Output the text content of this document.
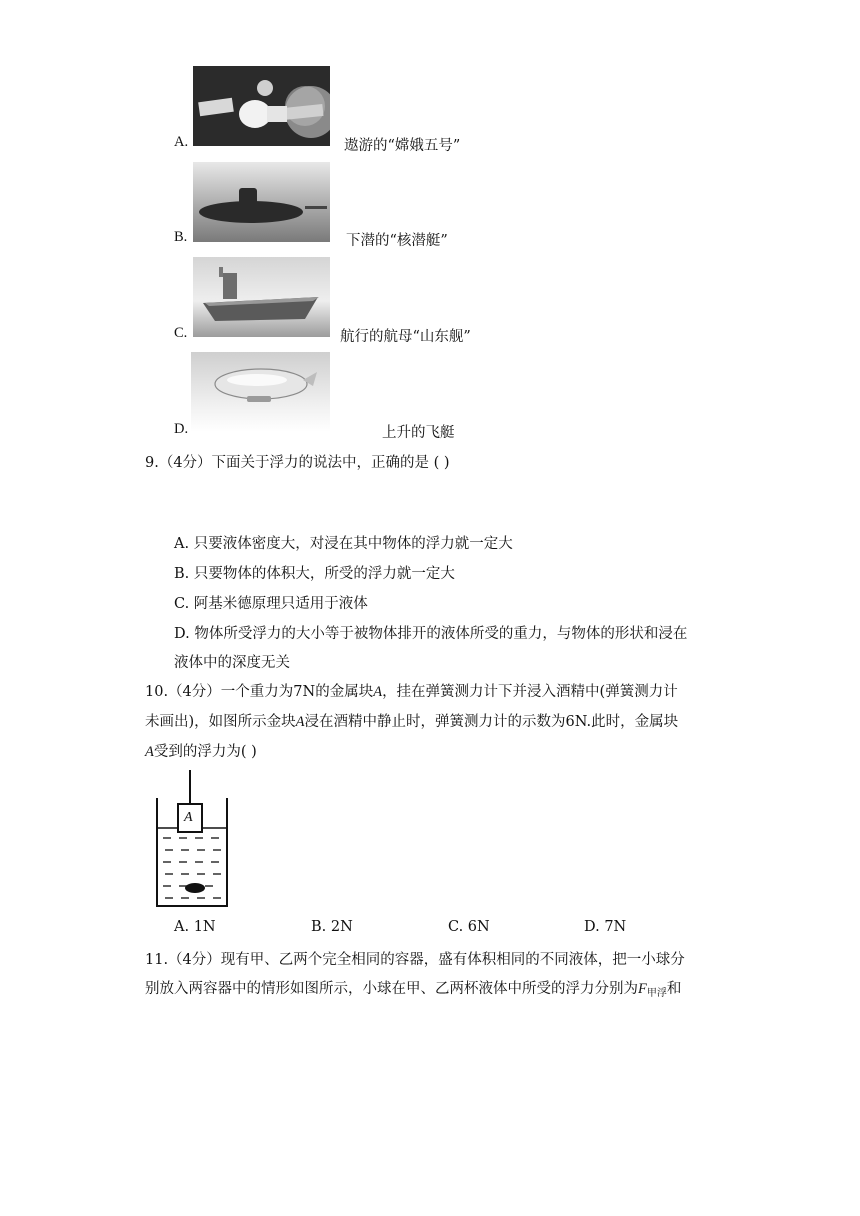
A.	遨游的“嫦娥五号”
B.	下潜的“核潜艇”
C.	航行的航母“山东舰”
D.	上升的飞艇
9.（4分）下面关于浮力的说法中，正确的是 ( )
A. 只要液体密度大，对浸在其中物体的浮力就一定大
B. 只要物体的体积大，所受的浮力就一定大
C. 阿基米德原理只适用于液体
D. 物体所受浮力的大小等于被物体排开的液体所受的重力，与物体的形状和浸在
液体中的深度无关
10.（4分）一个重力为7N的金属块A，挂在弹簧测力计下并浸入酒精中(弹簧测力计
未画出)，如图所示金块A浸在酒精中静止时，弹簧测力计的示数为6N.此时，金属块
A受到的浮力为( )
A
A. 1N	B. 2N	C. 6N	D. 7N
11.（4分）现有甲、乙两个完全相同的容器，盛有体积相同的不同液体，把一小球分
别放入两容器中的情形如图所示，小球在甲、乙两杯液体中所受的浮力分别为$F_{甲浮}$和
